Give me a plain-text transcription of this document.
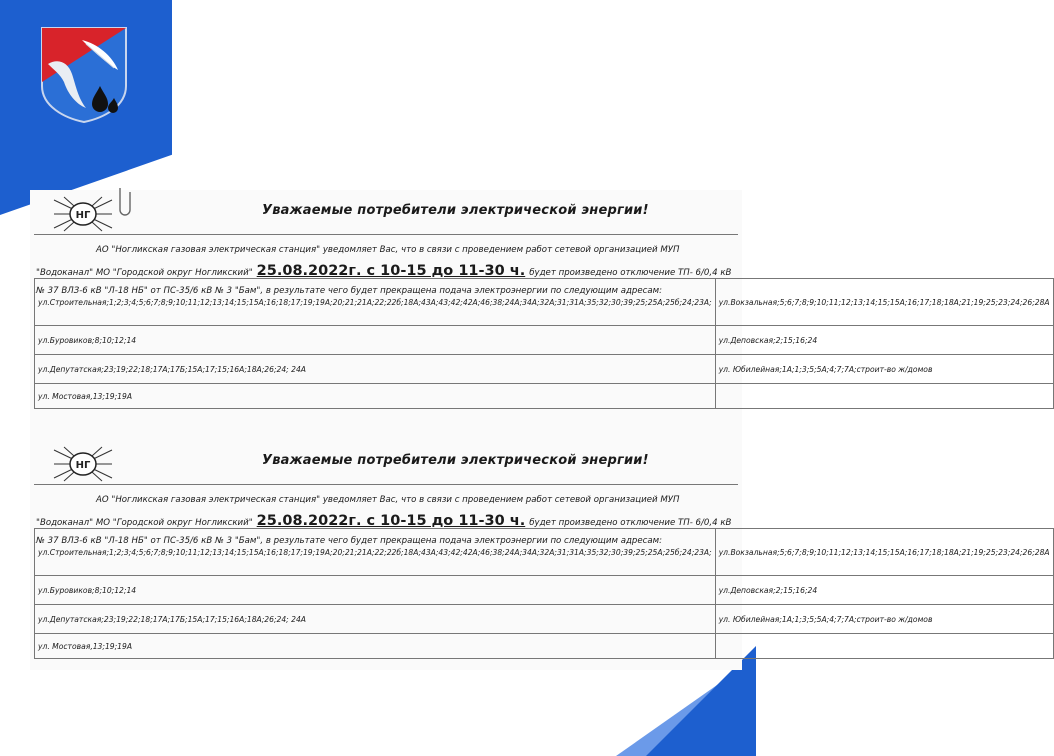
НГ	Уважаемые потребители электрической энергии!
АО "Ногликская газовая электрическая станция" уведомляет Вас, что в связи с проведением работ сетевой организацией МУП
"Водоканал" МО "Городской округ Ногликский" 25.08.2022г. с 10-15 до 11-30 ч. будет произведено отключение ТП- 6/0,4 кВ
№ 37 ВЛЗ-6 кВ "Л-18 НБ" от ПС-35/6 кВ № 3 "Бам", в результате чего будет прекращена подача электроэнергии по следующим адресам:
ул.Строительная;1;2;3;4;5;6;7;8;9;10;11;12;13;14;15;15А;16;18;17;19;19А;20;21;21А;22;22б;18А;43А;43;42;42А;46;38;24А;34А;32А;31;31А;35;32;30;39;25;25А;25б;24;23А;	ул.Вокзальная;5;6;7;8;9;10;11;12;13;14;15;15А;16;17;18;18А;21;19;25;23;24;26;28А
ул.Буровиков;8;10;12;14	ул.Деповская;2;15;16;24
ул.Депутатская;23;19;22;18;17А;17Б;15А;17;15;16А;18А;26;24; 24А	ул. Юбилейная;1А;1;3;5;5А;4;7;7А;строит-во ж/домов
ул. Мостовая,13;19;19А	
НГ	Уважаемые потребители электрической энергии!
АО "Ногликская газовая электрическая станция" уведомляет Вас, что в связи с проведением работ сетевой организацией МУП
"Водоканал" МО "Городской округ Ногликский" 25.08.2022г. с 10-15 до 11-30 ч. будет произведено отключение ТП- 6/0,4 кВ
№ 37 ВЛЗ-6 кВ "Л-18 НБ" от ПС-35/6 кВ № 3 "Бам", в результате чего будет прекращена подача электроэнергии по следующим адресам:
ул.Строительная;1;2;3;4;5;6;7;8;9;10;11;12;13;14;15;15А;16;18;17;19;19А;20;21;21А;22;22б;18А;43А;43;42;42А;46;38;24А;34А;32А;31;31А;35;32;30;39;25;25А;25б;24;23А;	ул.Вокзальная;5;6;7;8;9;10;11;12;13;14;15;15А;16;17;18;18А;21;19;25;23;24;26;28А
ул.Буровиков;8;10;12;14	ул.Деповская;2;15;16;24
ул.Депутатская;23;19;22;18;17А;17Б;15А;17;15;16А;18А;26;24; 24А	ул. Юбилейная;1А;1;3;5;5А;4;7;7А;строит-во ж/домов
ул. Мостовая,13;19;19А	
